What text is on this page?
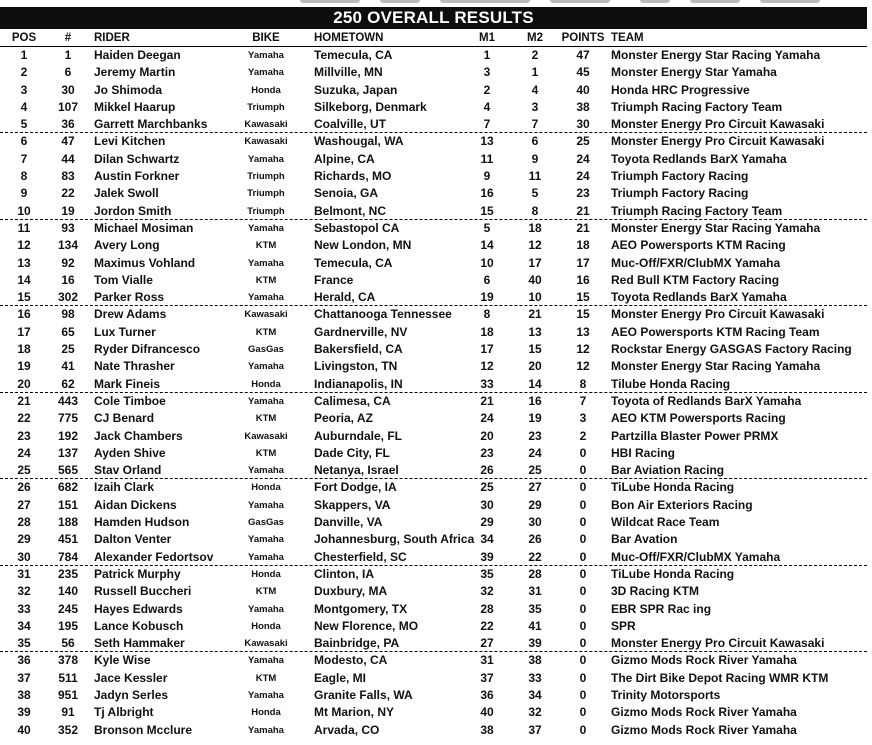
250 OVERALL RESULTS
POS	#	RIDER	BIKE	HOMETOWN	M1	M2	POINTS TEAM
1	1	Haiden Deegan	Yamaha	Temecula, CA	1	2	47	Monster Energy Star Racing Yamaha
2	6	Jeremy Martin	Yamaha	Millville, MN	3	1	45	Monster Energy Star Yamaha
3	30	Jo Shimoda	Honda	Suzuka, Japan	2	4	40	Honda HRC Progressive
4	107	Mikkel Haarup	Triumph	Silkeborg, Denmark	4	3	38	Triumph Racing Factory Team
5	36	Garrett Marchbanks	Kawasaki	Coalville, UT	7	7	30	Monster Energy Pro Circuit Kawasaki
6	47	Levi Kitchen	Kawasaki	Washougal, WA	13	6	25	Monster Energy Pro Circuit Kawasaki
7	44	Dilan Schwartz	Yamaha	Alpine, CA	11	9	24	Toyota Redlands BarX Yamaha
8	83	Austin Forkner	Triumph	Richards, MO	9	11	24	Triumph Factory Racing
9	22	Jalek Swoll	Triumph	Senoia, GA	16	5	23	Triumph Factory Racing
10	19	Jordon Smith	Triumph	Belmont, NC	15	8	21	Triumph Racing Factory Team
11	93	Michael Mosiman	Yamaha	Sebastopol CA	5	18	21	Monster Energy Star Racing Yamaha
12	134	Avery Long	KTM	New London, MN	14	12	18	AEO Powersports KTM Racing
13	92	Maximus Vohland	Yamaha	Temecula, CA	10	17	17	Muc-Off/FXR/ClubMX Yamaha
14	16	Tom Vialle	KTM	France	6	40	16	Red Bull KTM Factory Racing
15	302	Parker Ross	Yamaha	Herald, CA	19	10	15	Toyota Redlands BarX Yamaha
16	98	Drew Adams	Kawasaki	Chattanooga Tennessee	8	21	15	Monster Energy Pro Circuit Kawasaki
17	65	Lux Turner	KTM	Gardnerville, NV	18	13	13	AEO Powersports KTM Racing Team
18	25	Ryder Difrancesco	GasGas	Bakersfield, CA	17	15	12	Rockstar Energy GASGAS Factory Racing
19	41	Nate Thrasher	Yamaha	Livingston, TN	12	20	12	Monster Energy Star Racing Yamaha
20	62	Mark Fineis	Honda	Indianapolis, IN	33	14	8	Tilube Honda Racing
21	443	Cole Timboe	Yamaha	Calimesa, CA	21	16	7	Toyota of Redlands BarX Yamaha
22	775	CJ Benard	KTM	Peoria, AZ	24	19	3	AEO KTM Powersports Racing
23	192	Jack Chambers	Kawasaki	Auburndale, FL	20	23	2	Partzilla Blaster Power PRMX
24	137	Ayden Shive	KTM	Dade City, FL	23	24	0	HBI Racing
25	565	Stav Orland	Yamaha	Netanya, Israel	26	25	0	Bar Aviation Racing
26	682	Izaih Clark	Honda	Fort Dodge, IA	25	27	0	TiLube Honda Racing
27	151	Aidan Dickens	Yamaha	Skappers, VA	30	29	0	Bon Air Exteriors Racing
28	188	Hamden Hudson	GasGas	Danville, VA	29	30	0	Wildcat Race Team
29	451	Dalton Venter	Yamaha	Johannesburg, South Africa 34	26	0	Bar Avation
30	784	Alexander Fedortsov	Yamaha	Chesterfield, SC	39	22	0	Muc-Off/FXR/ClubMX Yamaha
31	235	Patrick Murphy	Honda	Clinton, IA	35	28	0	TiLube Honda Racing
32	140	Russell Buccheri	KTM	Duxbury, MA	32	31	0	3D Racing KTM
33	245	Hayes Edwards	Yamaha	Montgomery, TX	28	35	0	EBR SPR Rac ing
34	195	Lance Kobusch	Honda	New Florence, MO	22	41	0	SPR
35	56	Seth Hammaker	Kawasaki	Bainbridge, PA	27	39	0	Monster Energy Pro Circuit Kawasaki
36	378	Kyle Wise	Yamaha	Modesto, CA	31	38	0	Gizmo Mods Rock River Yamaha
37	511	Jace Kessler	KTM	Eagle, MI	37	33	0	The Dirt Bike Depot Racing WMR KTM
38	951	Jadyn Serles	Yamaha	Granite Falls, WA	36	34	0	Trinity Motorsports
39	91	Tj Albright	Honda	Mt Marion, NY	40	32	0	Gizmo Mods Rock River Yamaha
40	352	Bronson Mcclure	Yamaha	Arvada, CO	38	37	0	Gizmo Mods Rock River Yamaha
